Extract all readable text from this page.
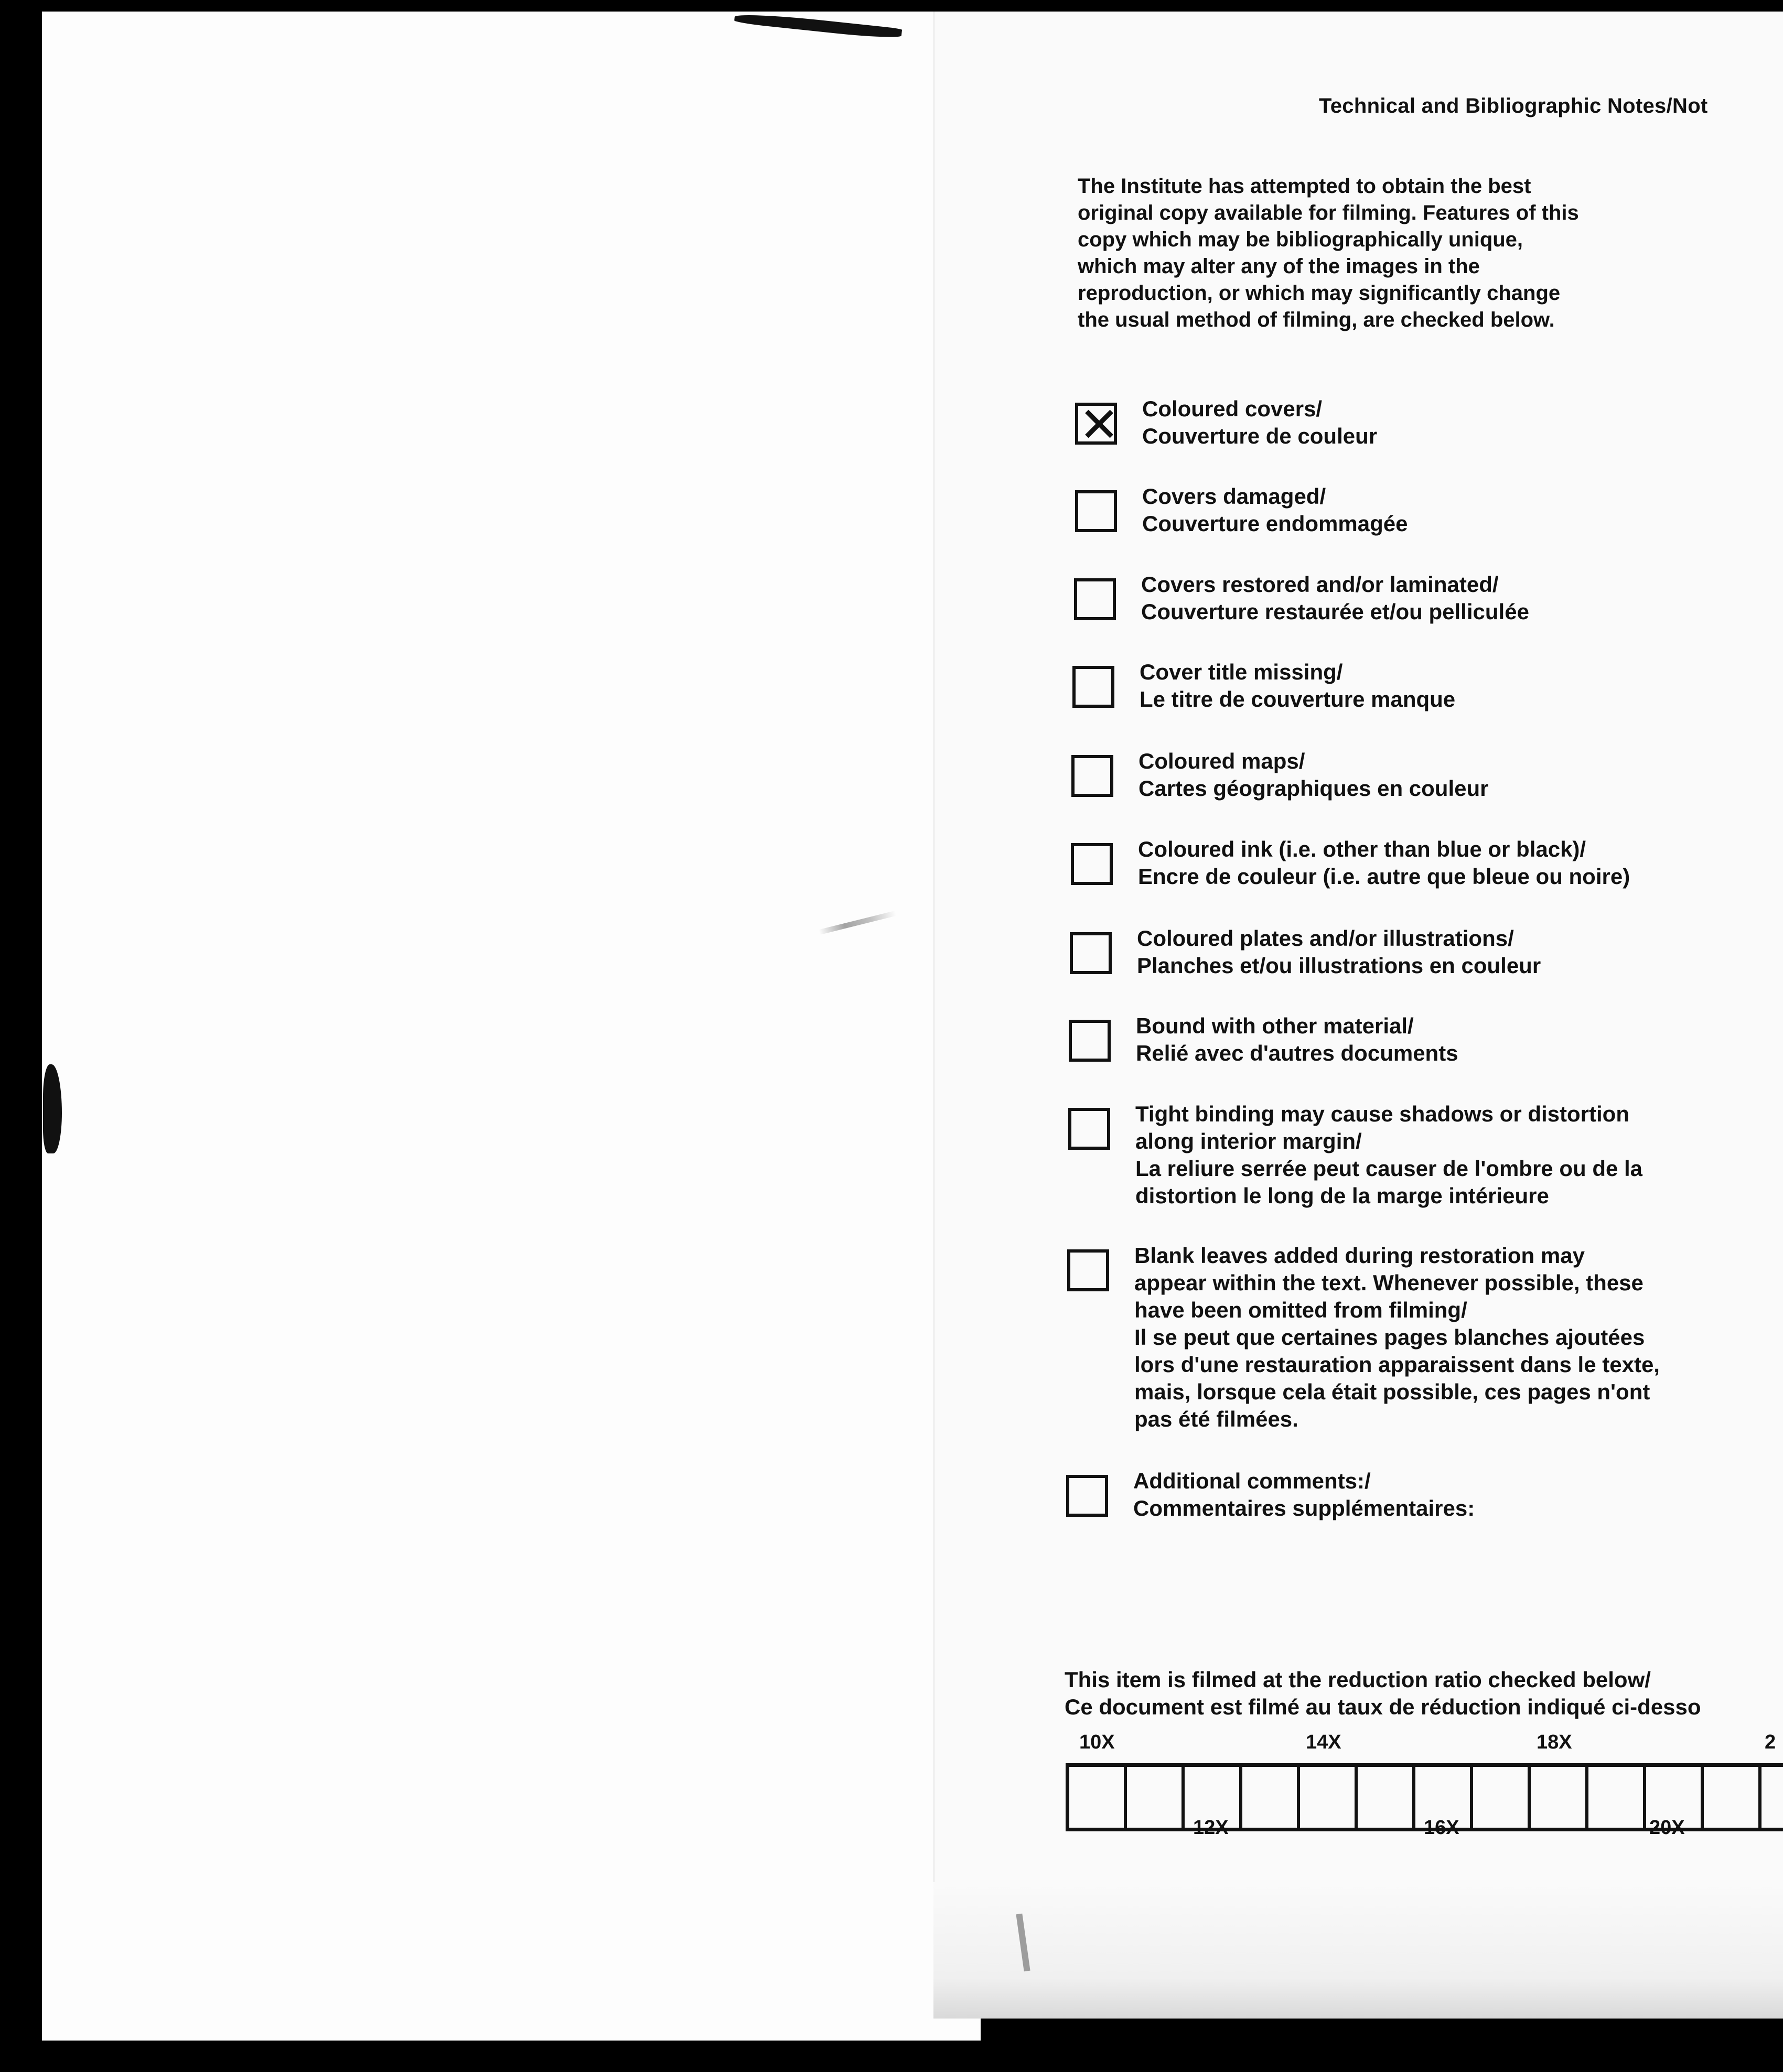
Technical and Bibliographic Notes/Not

The Institute has attempted to obtain the best
original copy available for filming. Features of this
copy which may be bibliographically unique,
which may alter any of the images in the
reproduction, or which may significantly change
the usual method of filming, are checked below.

✕ Coloured covers/
Couverture de couleur
Covers damaged/
Couverture endommagée
Covers restored and/or laminated/
Couverture restaurée et/ou pelliculée
Cover title missing/
Le titre de couverture manque
Coloured maps/
Cartes géographiques en couleur
Coloured ink (i.e. other than blue or black)/
Encre de couleur (i.e. autre que bleue ou noire)
Coloured plates and/or illustrations/
Planches et/ou illustrations en couleur
Bound with other material/
Relié avec d'autres documents
Tight binding may cause shadows or distortion
along interior margin/
La reliure serrée peut causer de l'ombre ou de la
distortion le long de la marge intérieure
Blank leaves added during restoration may
appear within the text. Whenever possible, these
have been omitted from filming/
Il se peut que certaines pages blanches ajoutées
lors d'une restauration apparaissent dans le texte,
mais, lorsque cela était possible, ces pages n'ont
pas été filmées.
Additional comments:/
Commentaires supplémentaires:
This item is filmed at the reduction ratio checked below/
Ce document est filmé au taux de réduction indiqué ci-desso
10X	14X	18X	2
12X	16X	20X
